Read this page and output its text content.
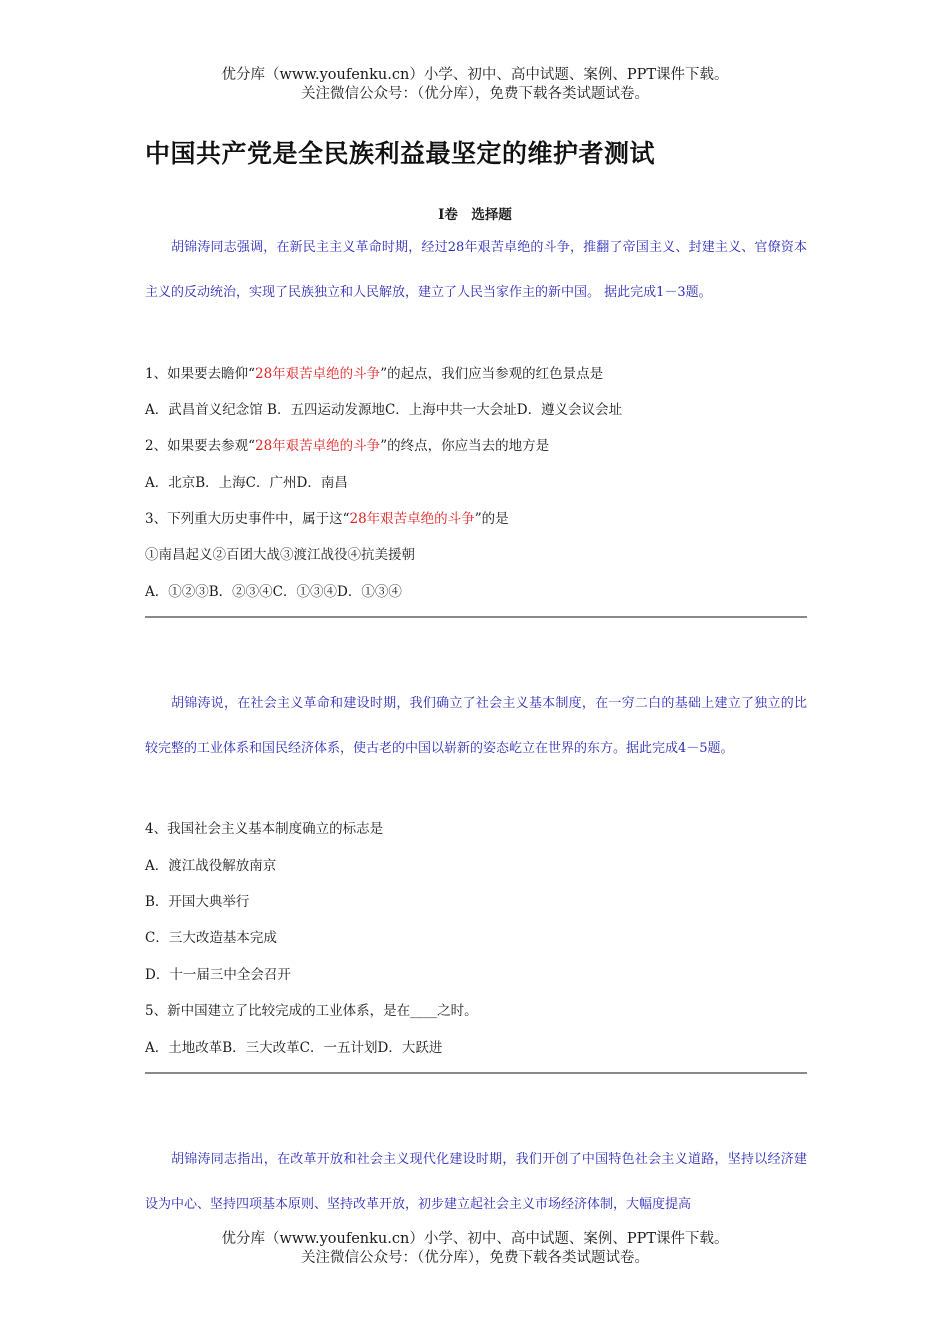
优分库（www.youfenku.cn）小学、初中、高中试题、案例、PPT课件下载。
关注微信公众号：（优分库），免费下载各类试题试卷。
中国共产党是全民族利益最坚定的维护者测试
Ⅰ卷　选择题
胡锦涛同志强调，在新民主主义革命时期，经过28年艰苦卓绝的斗争，推翻了帝国主义、封建主义、官僚资本主义的反动统治，实现了民族独立和人民解放，建立了人民当家作主的新中国。 据此完成1－3题。
1、如果要去瞻仰“28年艰苦卓绝的斗争”的起点，我们应当参观的红色景点是
A．武昌首义纪念馆 B．五四运动发源地C．上海中共一大会址D．遵义会议会址
2、如果要去参观“28年艰苦卓绝的斗争”的终点，你应当去的地方是
A．北京B．上海C．广州D．南昌
3、下列重大历史事件中，属于这“28年艰苦卓绝的斗争”的是
①南昌起义②百团大战③渡江战役④抗美援朝
A．①②③B．②③④C．①③④D．①③④
胡锦涛说，在社会主义革命和建设时期，我们确立了社会主义基本制度，在一穷二白的基础上建立了独立的比较完整的工业体系和国民经济体系，使古老的中国以崭新的姿态屹立在世界的东方。据此完成4－5题。
4、我国社会主义基本制度确立的标志是
A．渡江战役解放南京
B．开国大典举行
C．三大改造基本完成
D．十一届三中全会召开
5、新中国建立了比较完成的工业体系，是在____之时。
A．土地改革B．三大改革C．一五计划D．大跃进
胡锦涛同志指出，在改革开放和社会主义现代化建设时期，我们开创了中国特色社会主义道路，坚持以经济建设为中心、坚持四项基本原则、坚持改革开放，初步建立起社会主义市场经济体制，大幅度提高
优分库（www.youfenku.cn）小学、初中、高中试题、案例、PPT课件下载。
关注微信公众号：（优分库），免费下载各类试题试卷。
